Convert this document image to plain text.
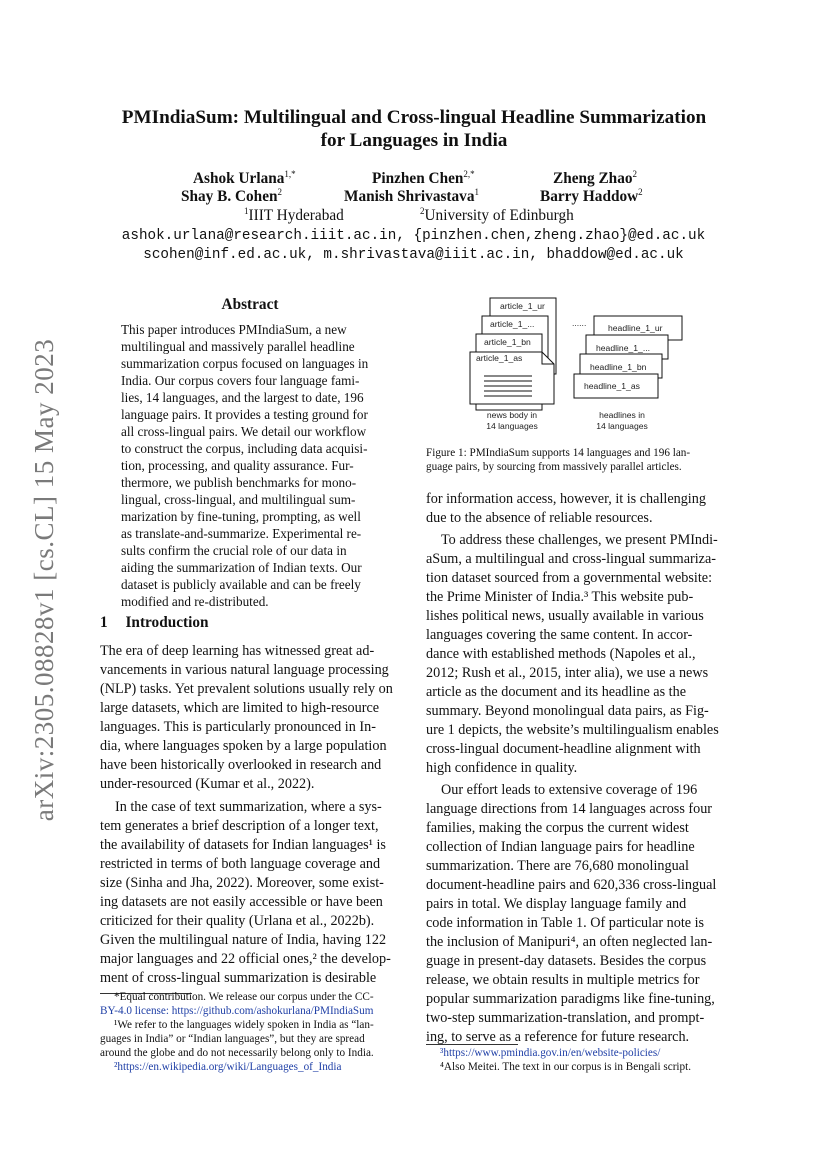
arXiv:2305.08828v1 [cs.CL] 15 May 2023
PMIndiaSum: Multilingual and Cross-lingual Headline Summarization
for Languages in India
Ashok Urlana$^{1,*}$	Pinzhen Chen$^{2,*}$	Zheng Zhao$^2$
Shay B. Cohen$^2$	Manish Shrivastava$^1$	Barry Haddow$^2$
$^1$IIIT Hyderabad	$^2$University of Edinburgh
ashok.urlana@research.iiit.ac.in, {pinzhen.chen,zheng.zhao}@ed.ac.uk
scohen@inf.ed.ac.uk, m.shrivastava@iiit.ac.in, bhaddow@ed.ac.uk
Abstract
This paper introduces PMIndiaSum, a new
multilingual and massively parallel headline
summarization corpus focused on languages in
India. Our corpus covers four language fami-
lies, 14 languages, and the largest to date, 196
language pairs. It provides a testing ground for
all cross-lingual pairs. We detail our workflow
to construct the corpus, including data acquisi-
tion, processing, and quality assurance. Fur-
thermore, we publish benchmarks for mono-
lingual, cross-lingual, and multilingual sum-
marization by fine-tuning, prompting, as well
as translate-and-summarize. Experimental re-
sults confirm the crucial role of our data in
aiding the summarization of Indian texts. Our
dataset is publicly available and can be freely
modified and re-distributed.
1 Introduction
The era of deep learning has witnessed great ad-
vancements in various natural language processing
(NLP) tasks. Yet prevalent solutions usually rely on
large datasets, which are limited to high-resource
languages. This is particularly pronounced in In-
dia, where languages spoken by a large population
have been historically overlooked in research and
under-resourced (Kumar et al., 2022).
In the case of text summarization, where a sys-
tem generates a brief description of a longer text,
the availability of datasets for Indian languages¹ is
restricted in terms of both language coverage and
size (Sinha and Jha, 2022). Moreover, some exist-
ing datasets are not easily accessible or have been
criticized for their quality (Urlana et al., 2022b).
Given the multilingual nature of India, having 122
major languages and 22 official ones,² the develop-
ment of cross-lingual summarization is desirable
*Equal contribution. We release our corpus under the CC-
BY-4.0 license: https://github.com/ashokurlana/PMIndiaSum
¹We refer to the languages widely spoken in India as “lan-
guages in India” or “Indian languages”, but they are spread
around the globe and do not necessarily belong only to India.
²https://en.wikipedia.org/wiki/Languages_of_India
article_1_ur
article_1_...
article_1_bn
article_1_as
......	headline_1_ur
headline_1_...
headline_1_bn
headline_1_as
news body in
14 languages
headlines in
14 languages
Figure 1: PMIndiaSum supports 14 languages and 196 lan-
guage pairs, by sourcing from massively parallel articles.
for information access, however, it is challenging
due to the absence of reliable resources.
To address these challenges, we present PMIndi-
aSum, a multilingual and cross-lingual summariza-
tion dataset sourced from a governmental website:
the Prime Minister of India.³ This website pub-
lishes political news, usually available in various
languages covering the same content. In accor-
dance with established methods (Napoles et al.,
2012; Rush et al., 2015, inter alia), we use a news
article as the document and its headline as the
summary. Beyond monolingual data pairs, as Fig-
ure 1 depicts, the website’s multilingualism enables
cross-lingual document-headline alignment with
high confidence in quality.
Our effort leads to extensive coverage of 196
language directions from 14 languages across four
families, making the corpus the current widest
collection of Indian language pairs for headline
summarization. There are 76,680 monolingual
document-headline pairs and 620,336 cross-lingual
pairs in total. We display language family and
code information in Table 1. Of particular note is
the inclusion of Manipuri⁴, an often neglected lan-
guage in present-day datasets. Besides the corpus
release, we obtain results in multiple metrics for
popular summarization paradigms like fine-tuning,
two-step summarization-translation, and prompt-
ing, to serve as a reference for future research.
³https://www.pmindia.gov.in/en/website-policies/
⁴Also Meitei. The text in our corpus is in Bengali script.
